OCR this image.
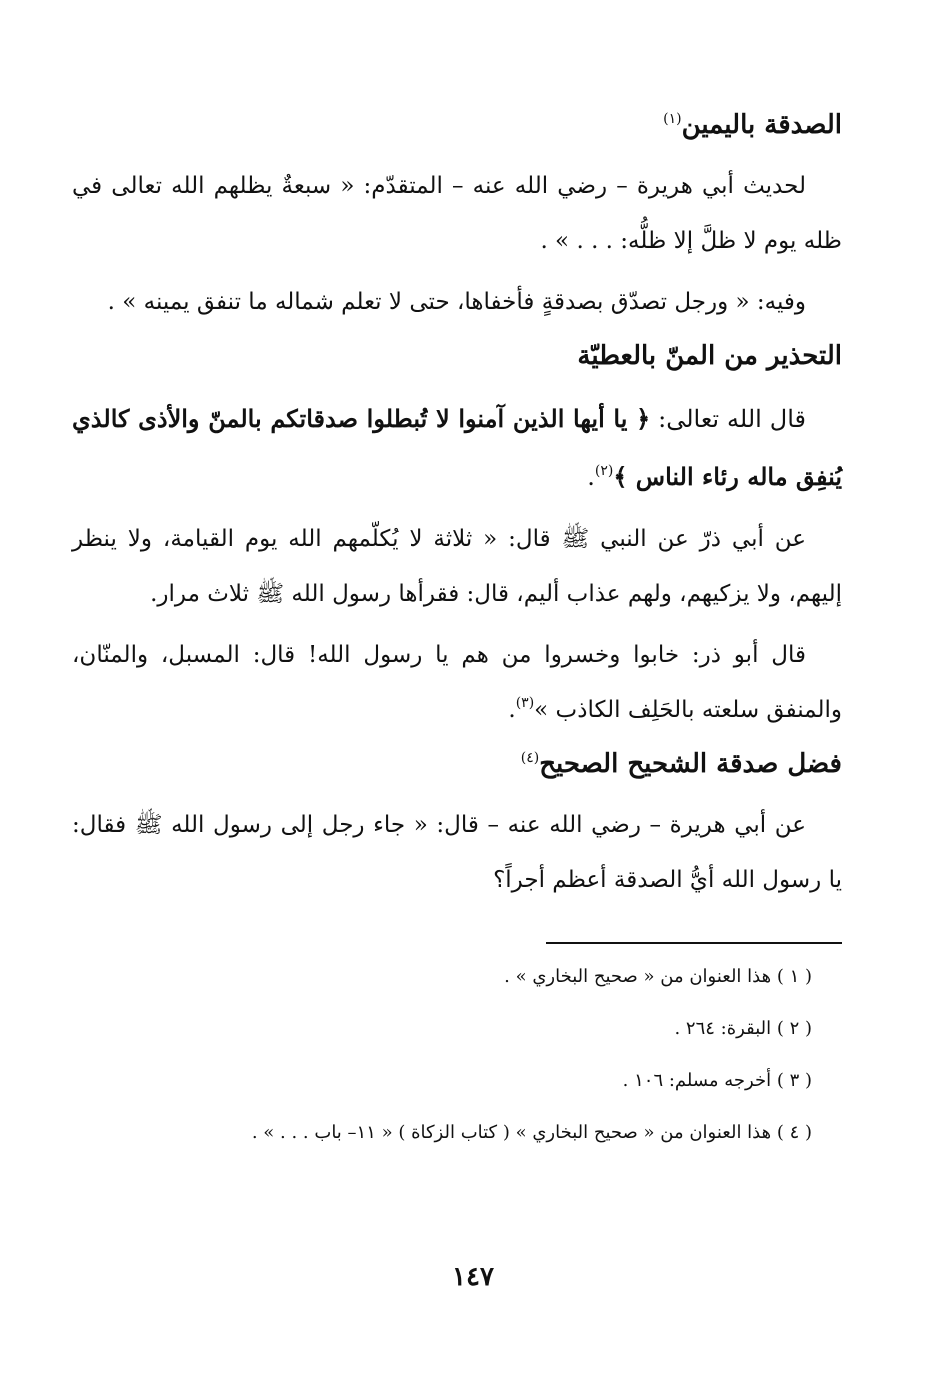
الصدقة باليمين$^{(١)}$

لحديث أبي هريرة – رضي الله عنه – المتقدّم: « سبعةٌ يظلهم الله تعالى في ظله يوم لا ظلَّ إلا ظلُّه: . . . » .

وفيه: « ورجل تصدّق بصدقةٍ فأخفاها، حتى لا تعلم شماله ما تنفق يمينه » .

التحذير من المنّ بالعطيّة

قال الله تعالى: ﴿ يا أيها الذين آمنوا لا تُبطلوا صدقاتكم بالمنّ والأذى كالذي يُنفِق ماله رئاء الناس ﴾$^{(٢)}$.

عن أبي ذرّ عن النبي ﷺ قال: « ثلاثة لا يُكلّمهم الله يوم القيامة، ولا ينظر إليهم، ولا يزكيهم، ولهم عذاب أليم، قال: فقرأها رسول الله ﷺ ثلاث مرار.

قال أبو ذر: خابوا وخسروا من هم يا رسول الله! قال: المسبل، والمنّان، والمنفق سلعته بالحَلِف الكاذب »$^{(٣)}$.

فضل صدقة الشحيح الصحيح$^{(٤)}$

عن أبي هريرة – رضي الله عنه – قال: « جاء رجل إلى رسول الله ﷺ فقال: يا رسول الله أيُّ الصدقة أعظم أجراً؟

( ١ ) هذا العنوان من « صحيح البخاري » .
( ٢ ) البقرة: ٢٦٤ .
( ٣ ) أخرجه مسلم: ١٠٦ .
( ٤ ) هذا العنوان من « صحيح البخاري » ( كتاب الزكاة ) « ١١– باب . . . » .
١٤٧
